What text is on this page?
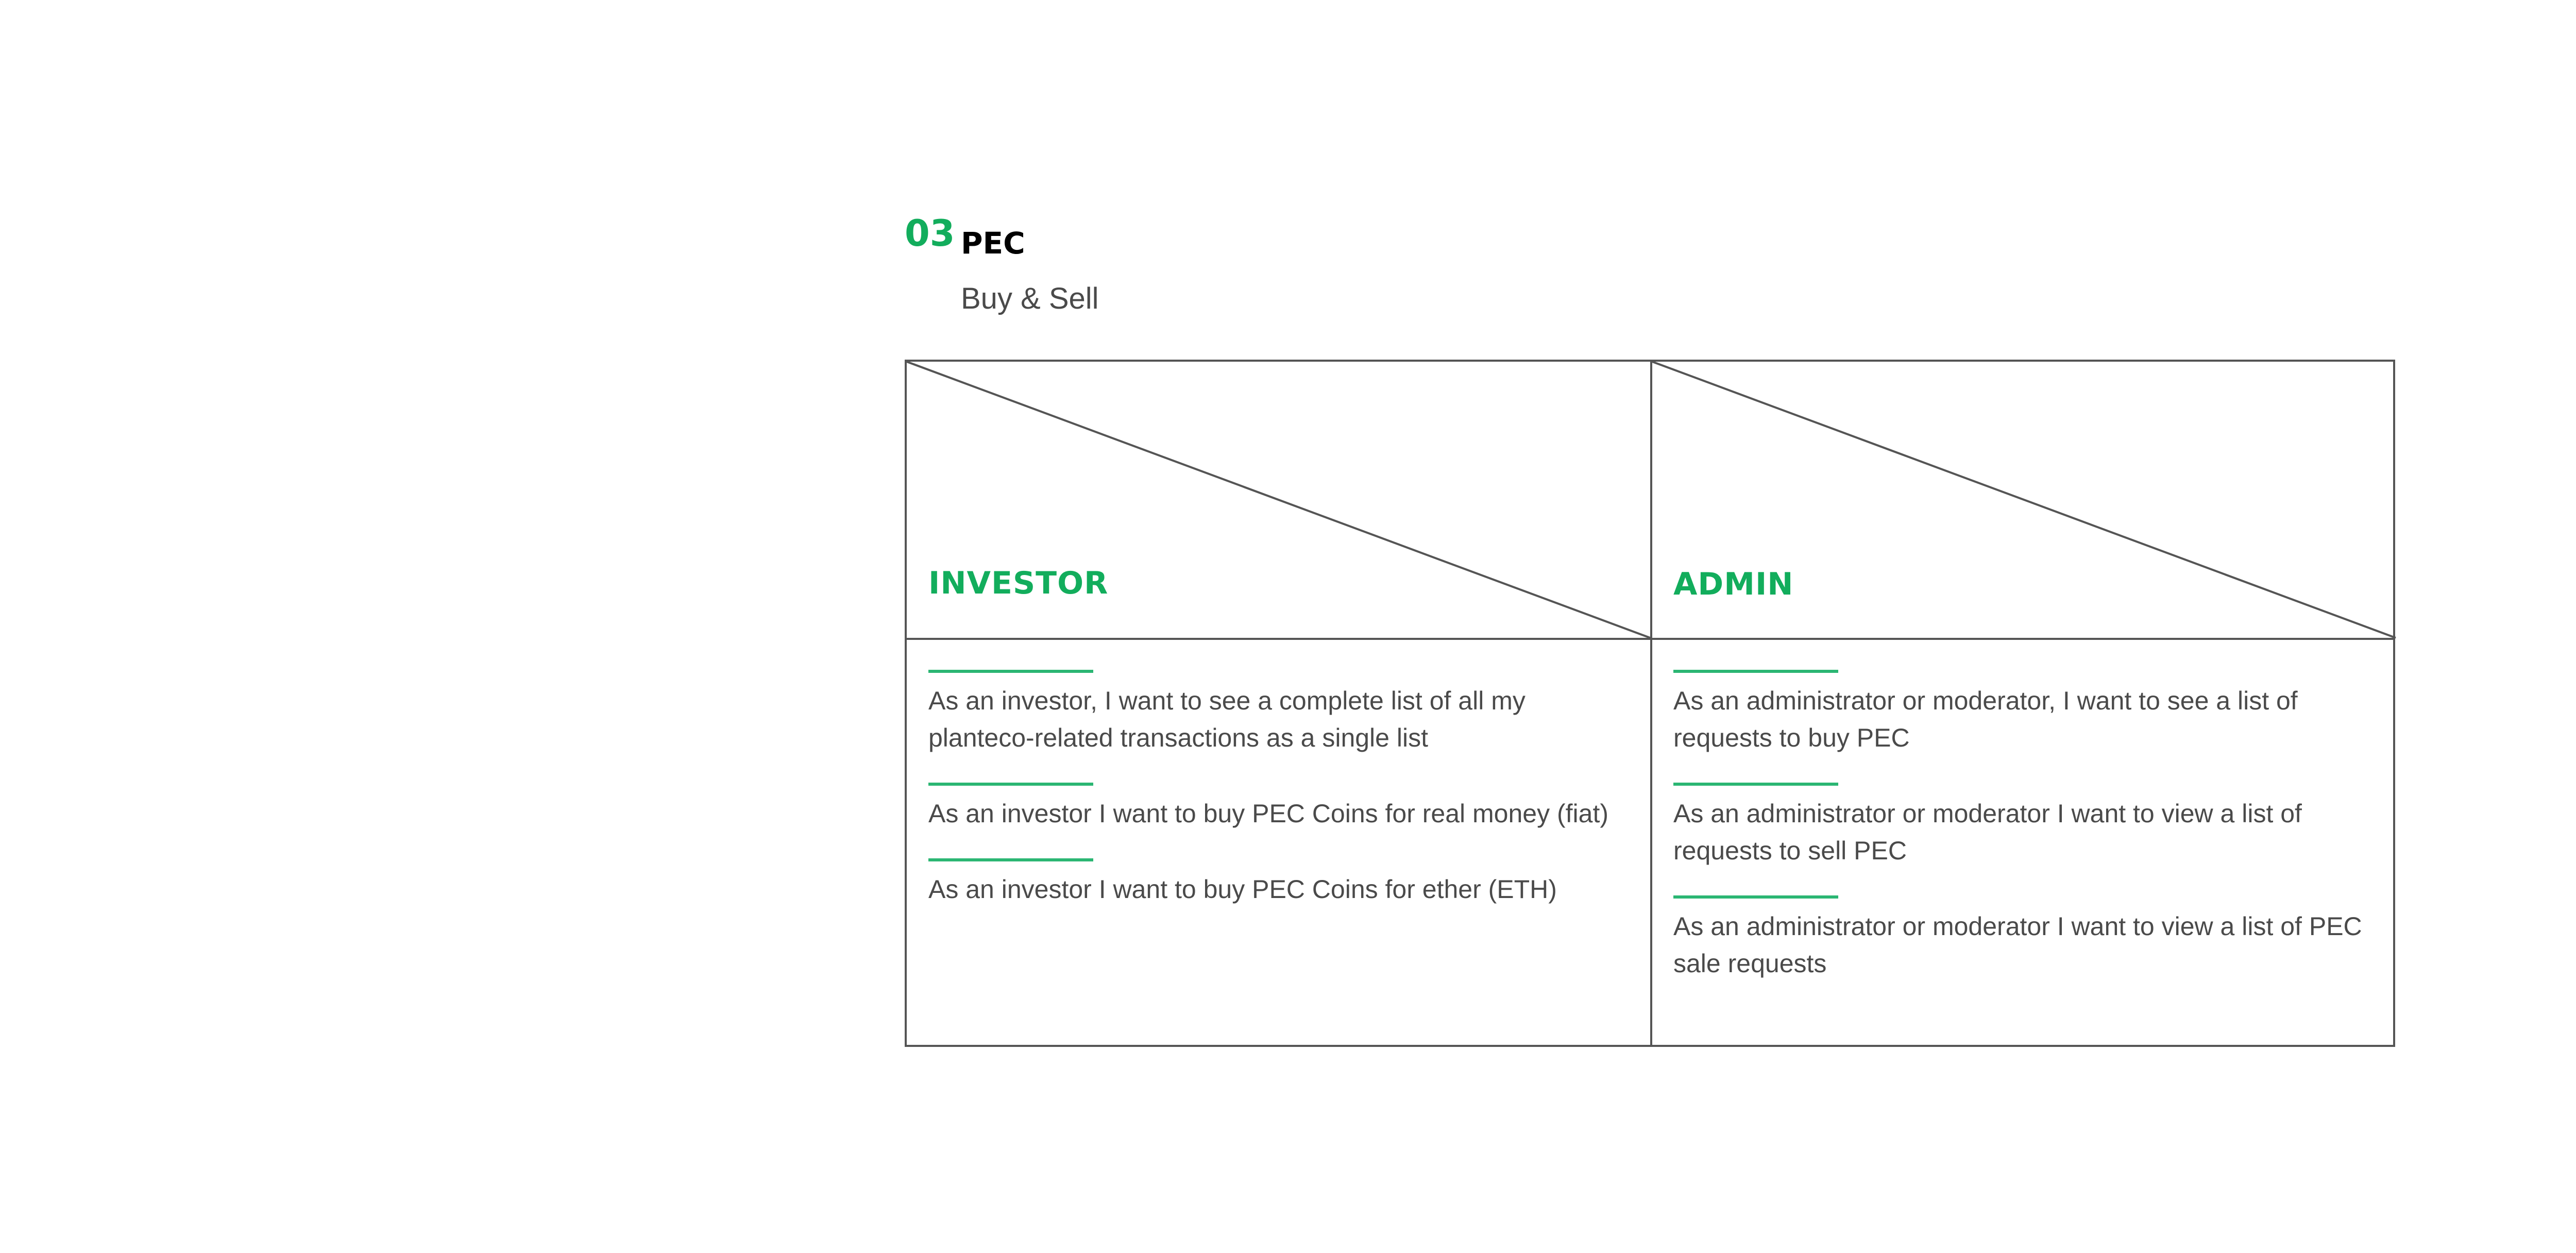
03 PEC
Buy & Sell
INVESTOR	ADMIN
As an investor, I want to see a complete list of all my planteco-related transactions as a single list
As an investor I want to buy PEC Coins for real money (fiat)
As an investor I want to buy PEC Coins for ether (ETH)
As an administrator or moderator, I want to see a list of requests to buy PEC
As an administrator or moderator I want to view a list of requests to sell PEC
As an administrator or moderator I want to view a list of PEC sale requests
